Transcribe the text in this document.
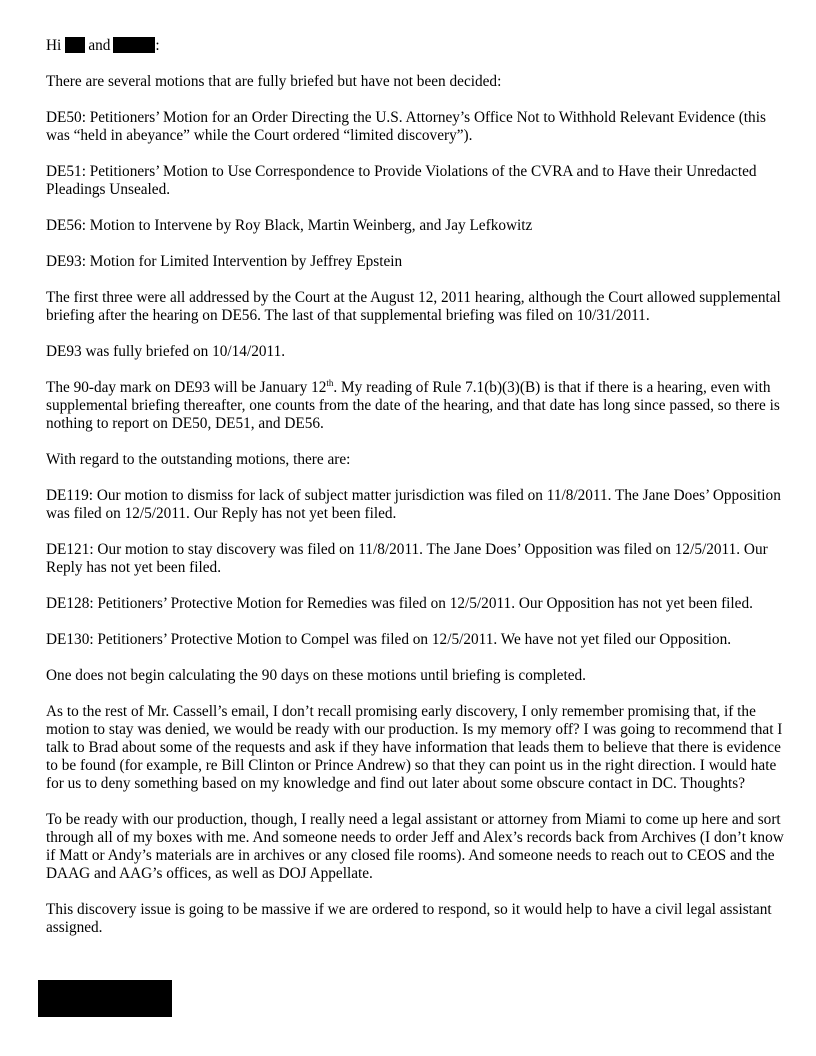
Hi and	:

There are several motions that are fully briefed but have not been decided:

DE50: Petitioners’ Motion for an Order Directing the U.S. Attorney’s Office Not to Withhold Relevant Evidence (this was “held in abeyance” while the Court ordered “limited discovery”).

DE51: Petitioners’ Motion to Use Correspondence to Provide Violations of the CVRA and to Have their Unredacted Pleadings Unsealed.

DE56: Motion to Intervene by Roy Black, Martin Weinberg, and Jay Lefkowitz

DE93: Motion for Limited Intervention by Jeffrey Epstein

The first three were all addressed by the Court at the August 12, 2011 hearing, although the Court allowed supplemental briefing after the hearing on DE56. The last of that supplemental briefing was filed on 10/31/2011.

DE93 was fully briefed on 10/14/2011.

The 90-day mark on DE93 will be January 12th. My reading of Rule 7.1(b)(3)(B) is that if there is a hearing, even with supplemental briefing thereafter, one counts from the date of the hearing, and that date has long since passed, so there is nothing to report on DE50, DE51, and DE56.

With regard to the outstanding motions, there are:

DE119: Our motion to dismiss for lack of subject matter jurisdiction was filed on 11/8/2011. The Jane Does’ Opposition was filed on 12/5/2011. Our Reply has not yet been filed.

DE121: Our motion to stay discovery was filed on 11/8/2011. The Jane Does’ Opposition was filed on 12/5/2011. Our Reply has not yet been filed.

DE128: Petitioners’ Protective Motion for Remedies was filed on 12/5/2011. Our Opposition has not yet been filed.

DE130: Petitioners’ Protective Motion to Compel was filed on 12/5/2011. We have not yet filed our Opposition.

One does not begin calculating the 90 days on these motions until briefing is completed.

As to the rest of Mr. Cassell’s email, I don’t recall promising early discovery, I only remember promising that, if the motion to stay was denied, we would be ready with our production. Is my memory off? I was going to recommend that I talk to Brad about some of the requests and ask if they have information that leads them to believe that there is evidence to be found (for example, re Bill Clinton or Prince Andrew) so that they can point us in the right direction. I would hate for us to deny something based on my knowledge and find out later about some obscure contact in DC. Thoughts?

To be ready with our production, though, I really need a legal assistant or attorney from Miami to come up here and sort through all of my boxes with me. And someone needs to order Jeff and Alex’s records back from Archives (I don’t know if Matt or Andy’s materials are in archives or any closed file rooms). And someone needs to reach out to CEOS and the DAAG and AAG’s offices, as well as DOJ Appellate.

This discovery issue is going to be massive if we are ordered to respond, so it would help to have a civil legal assistant assigned.
